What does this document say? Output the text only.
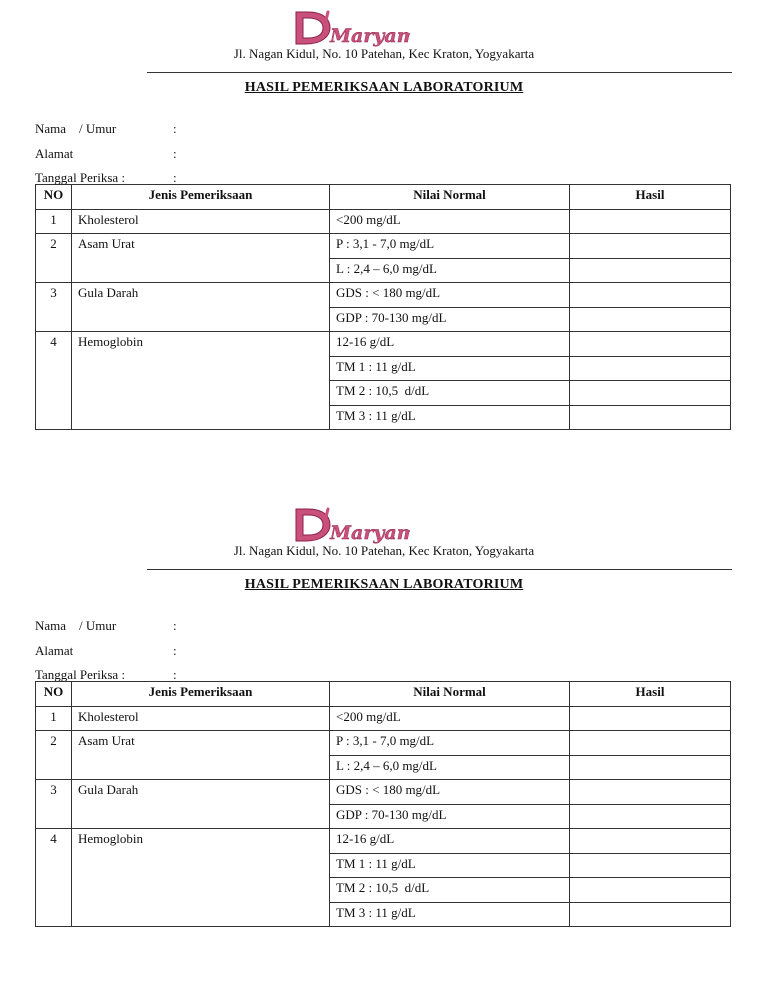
Maryam
Jl. Nagan Kidul, No. 10 Patehan, Kec Kraton, Yogyakarta
HASIL PEMERIKSAAN LABORATORIUM
Nama    / Umur	:
Alamat	:
Tanggal Periksa :	:
NO	Jenis Pemeriksaan	Nilai Normal	Hasil
1	Kholesterol	<200 mg/dL	
2	Asam Urat	P : 3,1 - 7,0 mg/dL	
		L : 2,4 – 6,0 mg/dL	
3	Gula Darah	GDS : < 180 mg/dL	
		GDP : 70-130 mg/dL	
4	Hemoglobin	12-16 g/dL	
		TM 1 : 11 g/dL	
		TM 2 : 10,5  d/dL	
		TM 3 : 11 g/dL	
Maryam
Jl. Nagan Kidul, No. 10 Patehan, Kec Kraton, Yogyakarta
HASIL PEMERIKSAAN LABORATORIUM
Nama    / Umur	:
Alamat	:
Tanggal Periksa :	:
NO	Jenis Pemeriksaan	Nilai Normal	Hasil
1	Kholesterol	<200 mg/dL	
2	Asam Urat	P : 3,1 - 7,0 mg/dL	
		L : 2,4 – 6,0 mg/dL	
3	Gula Darah	GDS : < 180 mg/dL	
		GDP : 70-130 mg/dL	
4	Hemoglobin	12-16 g/dL	
		TM 1 : 11 g/dL	
		TM 2 : 10,5  d/dL	
		TM 3 : 11 g/dL	
